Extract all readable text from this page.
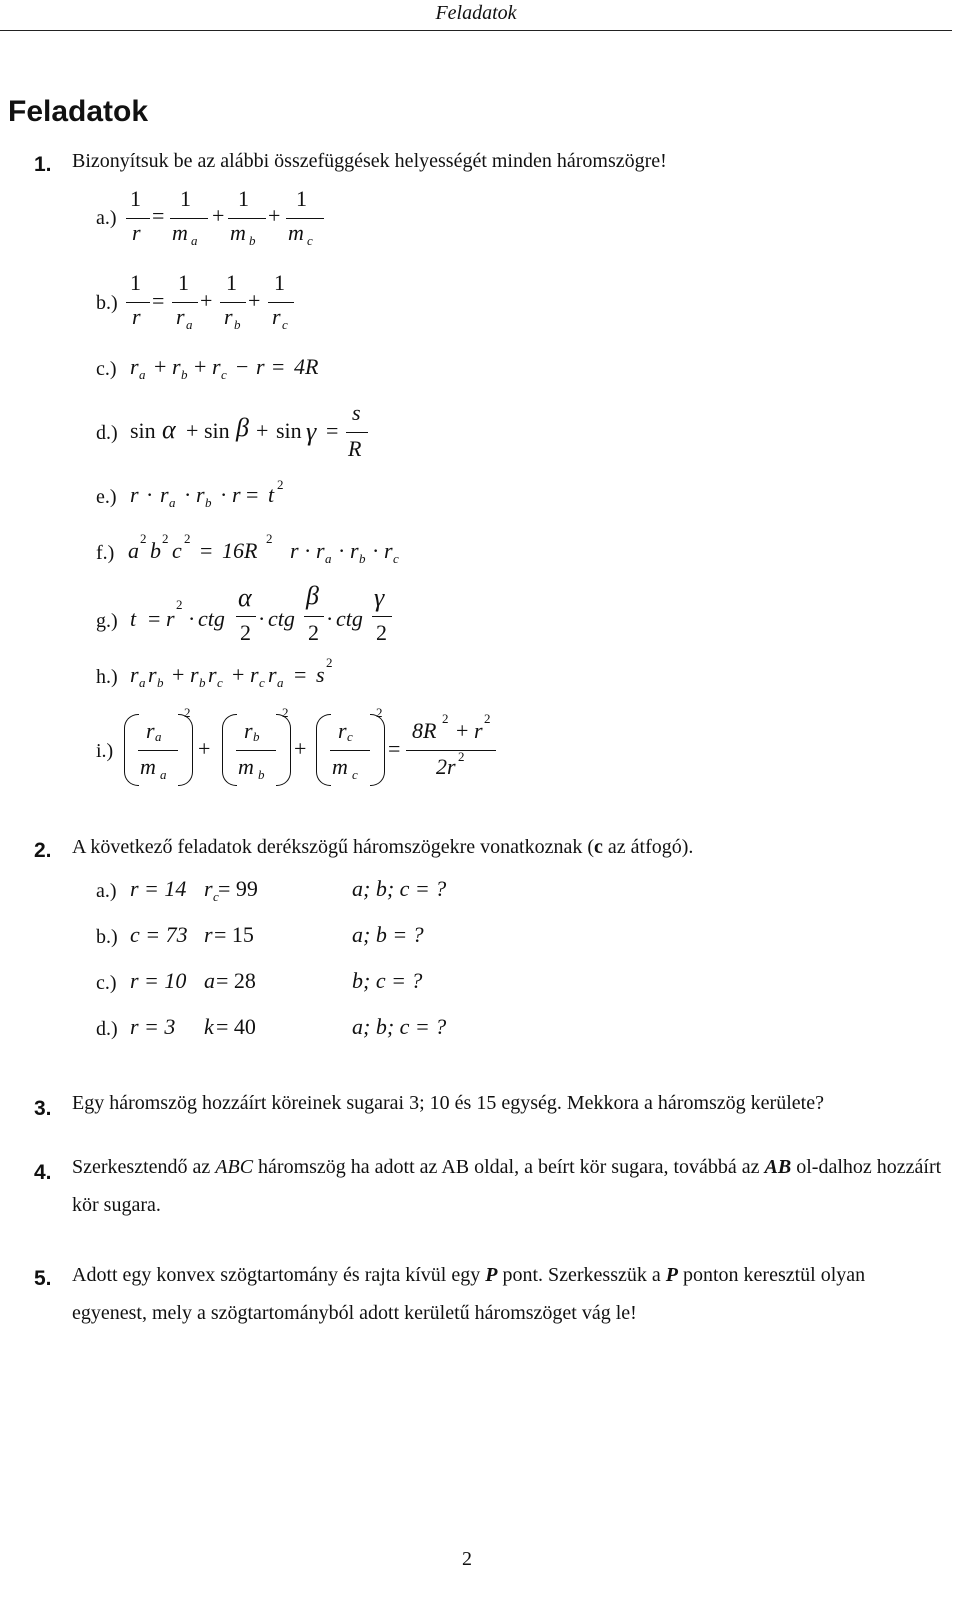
Feladatok
Feladatok
1. Bizonyítsuk be az alábbi összefüggések helyességét minden háromszögre!
a.)
1
r
=
1
m a
+
1
m b
+
1
m c
b.)
1
r
=
1
r a
+
1
r b
+
1
r c
c.) r a + r b + r c − r = 4R
d.) sin α + sin β + sin γ =
s
R
e.) r · r a · r b · r = t 2
f.) a 2 b 2 c 2 = 16R 2 r · r a · r b · r c
g.) t = r
2
· ctg
α
2
· ctg
β
2
· ctg
γ
2
h.) r a r b + r b r c + r c r a = s 2
i.)
r a
m a
2
+
r b
m b
2
+
r c
m c
2
=
8R 2 + r 2
2r 2
2. A következő feladatok derékszögű háromszögekre vonatkoznak (c az átfogó).
a.) r = 14 r c = 99	a; b; c = ?
b.) c = 73 r = 15	a; b = ?
c.) r = 10 a = 28	b; c = ?
d.) r = 3 k = 40	a; b; c = ?
3. Egy háromszög hozzáírt köreinek sugarai 3; 10 és 15 egység. Mekkora a háromszög kerülete?
4. Szerkesztendő az ABC háromszög ha adott az AB oldal, a beírt kör sugara, továbbá az AB ol-dalhoz hozzáírt kör sugara.
5. Adott egy konvex szögtartomány és rajta kívül egy P pont. Szerkesszük a P ponton keresztül olyan egyenest, mely a szögtartományból adott kerületű háromszöget vág le!
2
